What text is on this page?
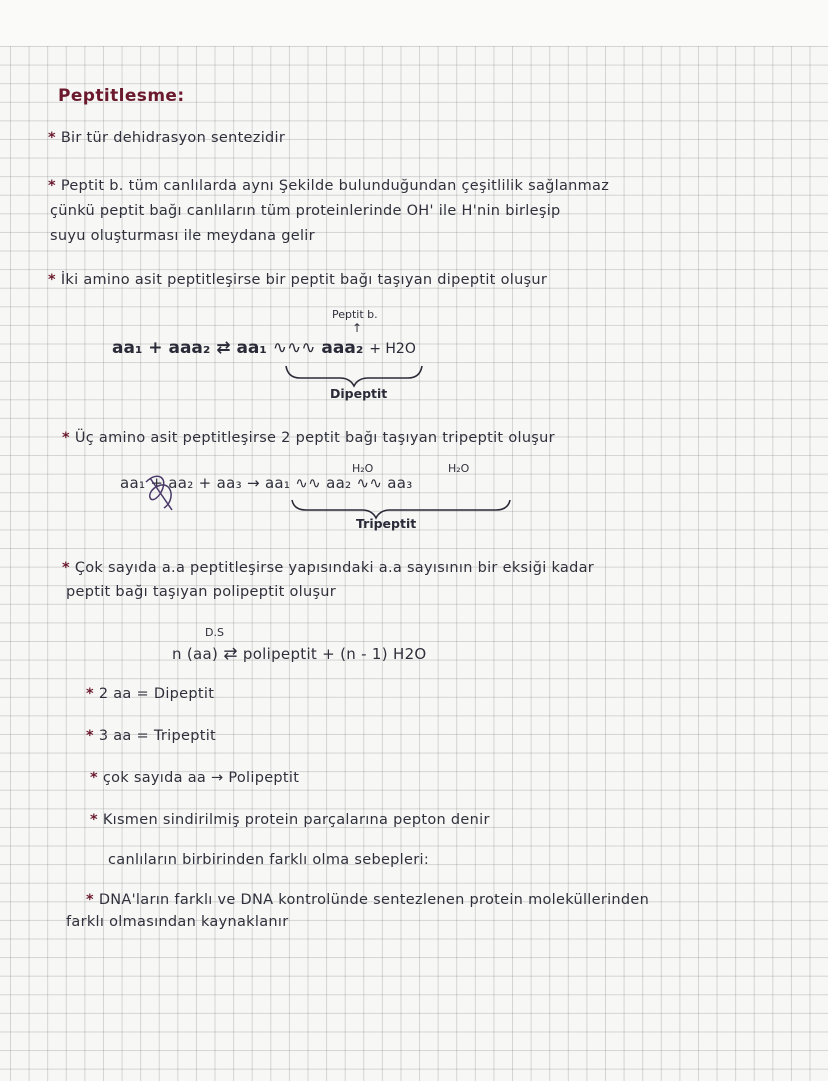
Peptitlesme:
* Bir tür dehidrasyon sentezidir
* Peptit b. tüm canlılarda aynı Şekilde bulunduğundan çeşitlilik sağlanmaz
çünkü peptit bağı canlıların tüm proteinlerinde OH' ile H'nin birleşip
suyu oluşturması ile meydana gelir
* İki amino asit peptitleşirse bir peptit bağı taşıyan dipeptit oluşur
Peptit b.
↑
aa₁ + aaa₂ ⇄ aa₁ ∿∿∿ aaa₂ + H2O
Dipeptit
* Üç amino asit peptitleşirse 2 peptit bağı taşıyan tripeptit oluşur
H₂O	H₂O
aa₁ + aa₂ + aa₃ → aa₁ ∿∿ aa₂ ∿∿ aa₃
Tripeptit
* Çok sayıda a.a peptitleşirse yapısındaki a.a sayısının bir eksiği kadar
peptit bağı taşıyan polipeptit oluşur
D.S
n (aa) ⇄ polipeptit + (n - 1) H2O
* 2 aa = Dipeptit
* 3 aa = Tripeptit
* çok sayıda aa → Polipeptit
* Kısmen sindirilmiş protein parçalarına pepton denir
canlıların birbirinden farklı olma sebepleri:
* DNA'ların farklı ve DNA kontrolünde sentezlenen protein moleküllerinden
farklı olmasından kaynaklanır
